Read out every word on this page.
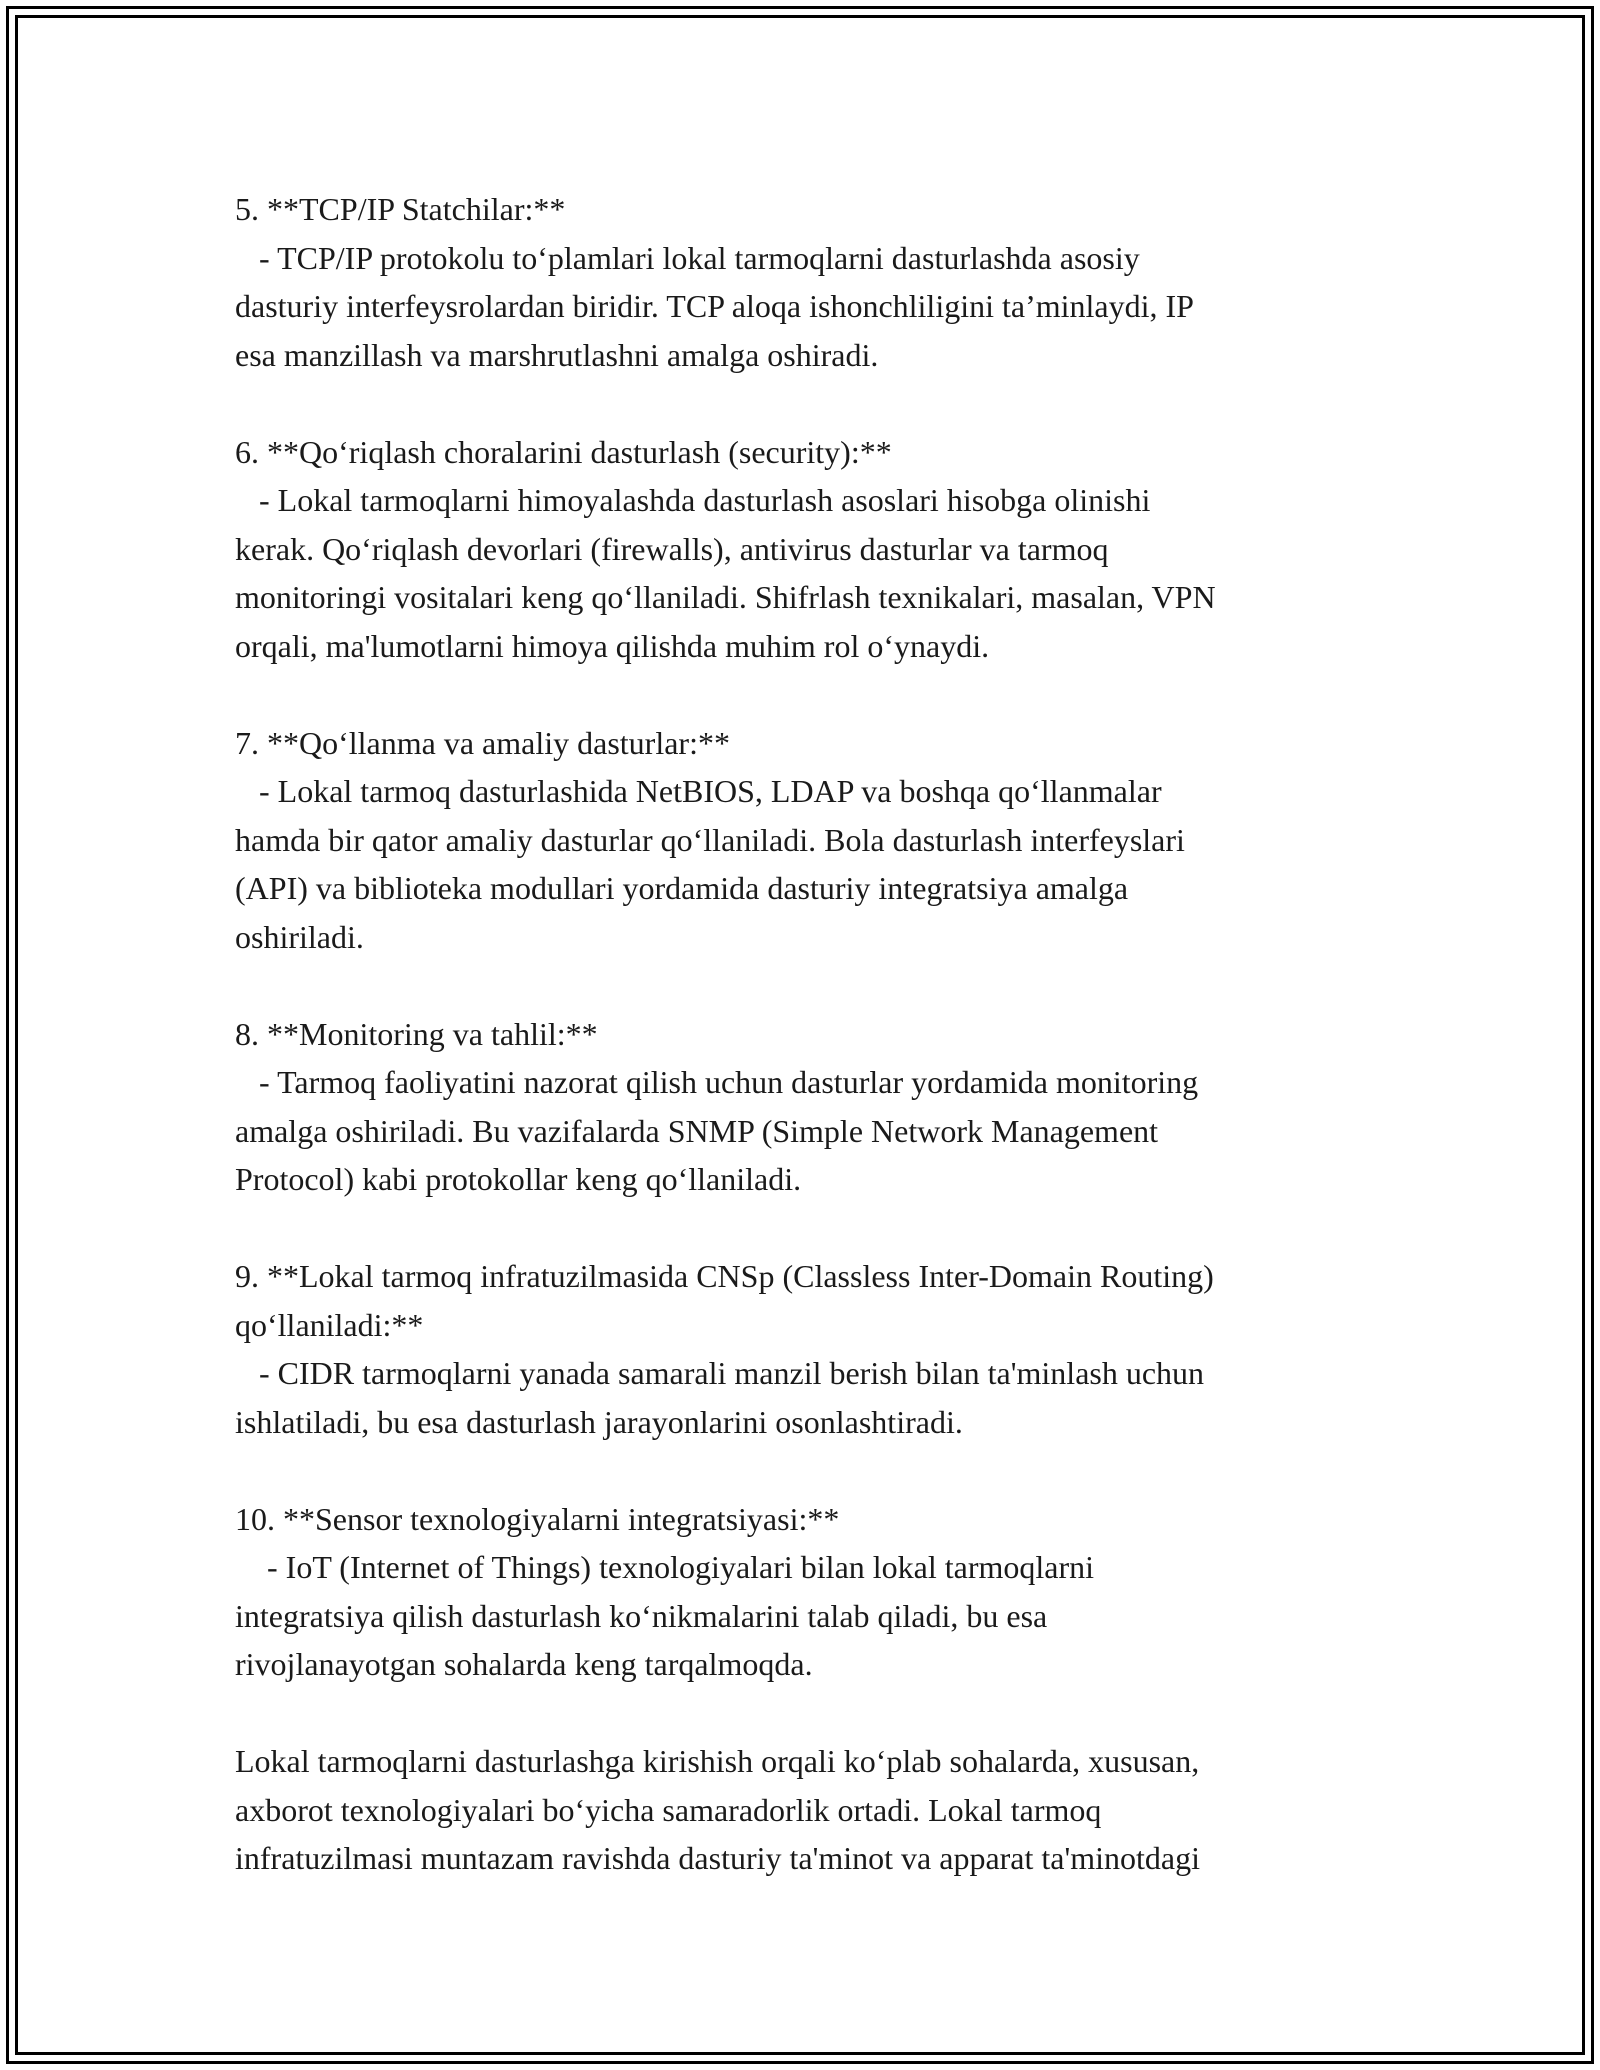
5. **TCP/IP Statchilar:**
- TCP/IP protokolu to‘plamlari lokal tarmoqlarni dasturlashda asosiy
dasturiy interfeysrolardan biridir. TCP aloqa ishonchliligini ta’minlaydi, IP
esa manzillash va marshrutlashni amalga oshiradi.
6. **Qo‘riqlash choralarini dasturlash (security):**
- Lokal tarmoqlarni himoyalashda dasturlash asoslari hisobga olinishi
kerak. Qo‘riqlash devorlari (firewalls), antivirus dasturlar va tarmoq
monitoringi vositalari keng qo‘llaniladi. Shifrlash texnikalari, masalan, VPN
orqali, ma'lumotlarni himoya qilishda muhim rol o‘ynaydi.
7. **Qo‘llanma va amaliy dasturlar:**
- Lokal tarmoq dasturlashida NetBIOS, LDAP va boshqa qo‘llanmalar
hamda bir qator amaliy dasturlar qo‘llaniladi. Bola dasturlash interfeyslari
(API) va biblioteka modullari yordamida dasturiy integratsiya amalga
oshiriladi.
8. **Monitoring va tahlil:**
- Tarmoq faoliyatini nazorat qilish uchun dasturlar yordamida monitoring
amalga oshiriladi. Bu vazifalarda SNMP (Simple Network Management
Protocol) kabi protokollar keng qo‘llaniladi.
9. **Lokal tarmoq infratuzilmasida CNSp (Classless Inter-Domain Routing)
qo‘llaniladi:**
- CIDR tarmoqlarni yanada samarali manzil berish bilan ta'minlash uchun
ishlatiladi, bu esa dasturlash jarayonlarini osonlashtiradi.
10. **Sensor texnologiyalarni integratsiyasi:**
- IoT (Internet of Things) texnologiyalari bilan lokal tarmoqlarni
integratsiya qilish dasturlash ko‘nikmalarini talab qiladi, bu esa
rivojlanayotgan sohalarda keng tarqalmoqda.
Lokal tarmoqlarni dasturlashga kirishish orqali ko‘plab sohalarda, xususan,
axborot texnologiyalari bo‘yicha samaradorlik ortadi. Lokal tarmoq
infratuzilmasi muntazam ravishda dasturiy ta'minot va apparat ta'minotdagi
